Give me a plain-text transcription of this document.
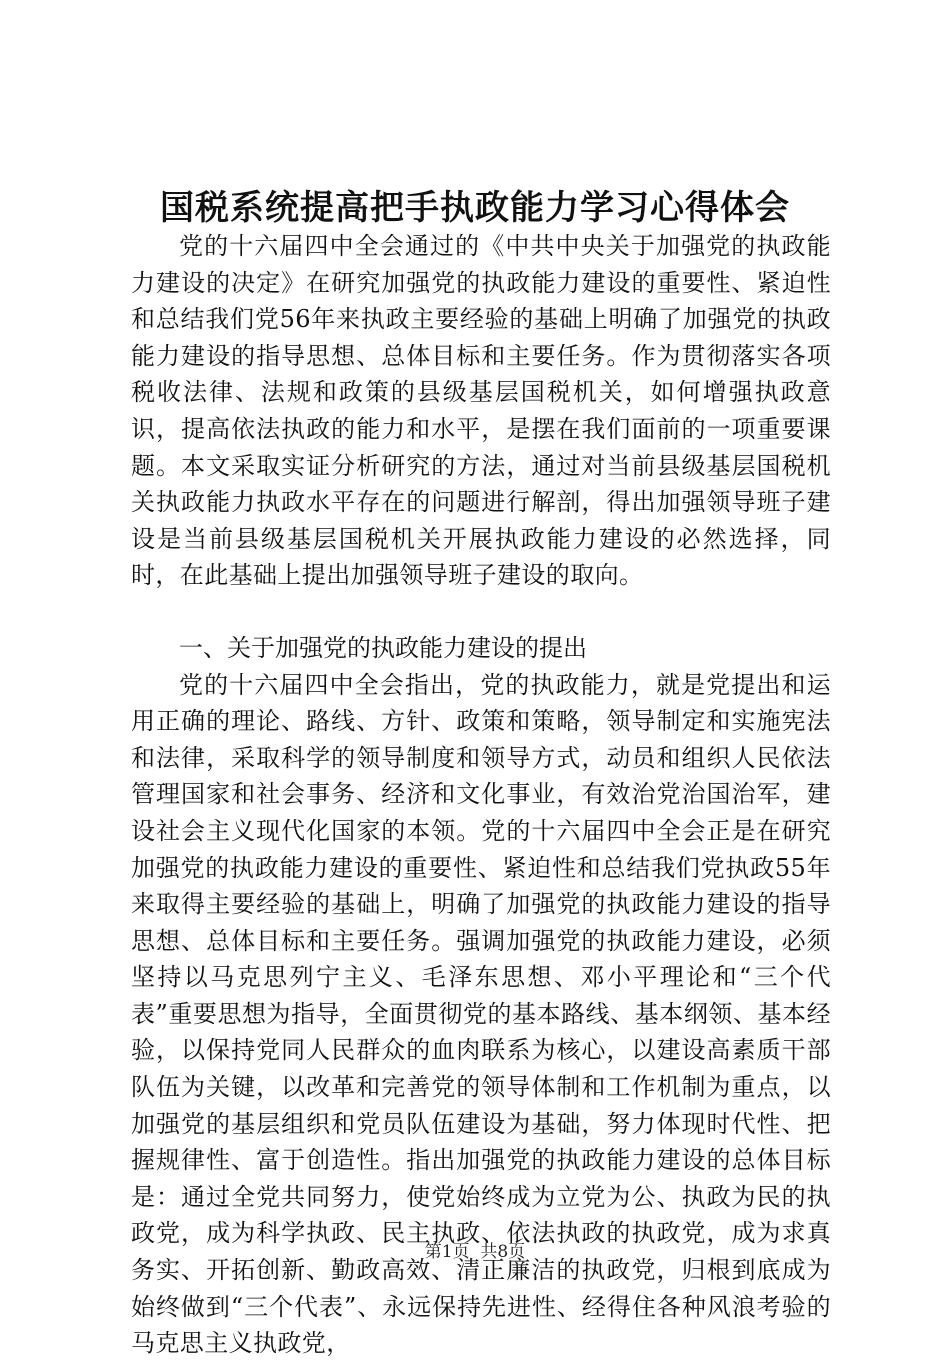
国税系统提高把手执政能力学习心得体会

党的十六届四中全会通过的《中共中央关于加强党的执政能力建设的决定》在研究加强党的执政能力建设的重要性、紧迫性和总结我们党56年来执政主要经验的基础上明确了加强党的执政能力建设的指导思想、总体目标和主要任务。作为贯彻落实各项税收法律、法规和政策的县级基层国税机关，如何增强执政意识，提高依法执政的能力和水平，是摆在我们面前的一项重要课题。本文采取实证分析研究的方法，通过对当前县级基层国税机关执政能力执政水平存在的问题进行解剖，得出加强领导班子建设是当前县级基层国税机关开展执政能力建设的必然选择，同时，在此基础上提出加强领导班子建设的取向。

一、关于加强党的执政能力建设的提出

党的十六届四中全会指出，党的执政能力，就是党提出和运用正确的理论、路线、方针、政策和策略，领导制定和实施宪法和法律，采取科学的领导制度和领导方式，动员和组织人民依法管理国家和社会事务、经济和文化事业，有效治党治国治军，建设社会主义现代化国家的本领。党的十六届四中全会正是在研究加强党的执政能力建设的重要性、紧迫性和总结我们党执政55年来取得主要经验的基础上，明确了加强党的执政能力建设的指导思想、总体目标和主要任务。强调加强党的执政能力建设，必须坚持以马克思列宁主义、毛泽东思想、邓小平理论和“三个代表”重要思想为指导，全面贯彻党的基本路线、基本纲领、基本经验，以保持党同人民群众的血肉联系为核心，以建设高素质干部队伍为关键，以改革和完善党的领导体制和工作机制为重点，以加强党的基层组织和党员队伍建设为基础，努力体现时代性、把握规律性、富于创造性。指出加强党的执政能力建设的总体目标是：通过全党共同努力，使党始终成为立党为公、执政为民的执政党，成为科学执政、民主执政、依法执政的执政党，成为求真务实、开拓创新、勤政高效、清正廉洁的执政党，归根到底成为始终做到“三个代表”、永远保持先进性、经得住各种风浪考验的马克思主义执政党，

第1页  共8页
